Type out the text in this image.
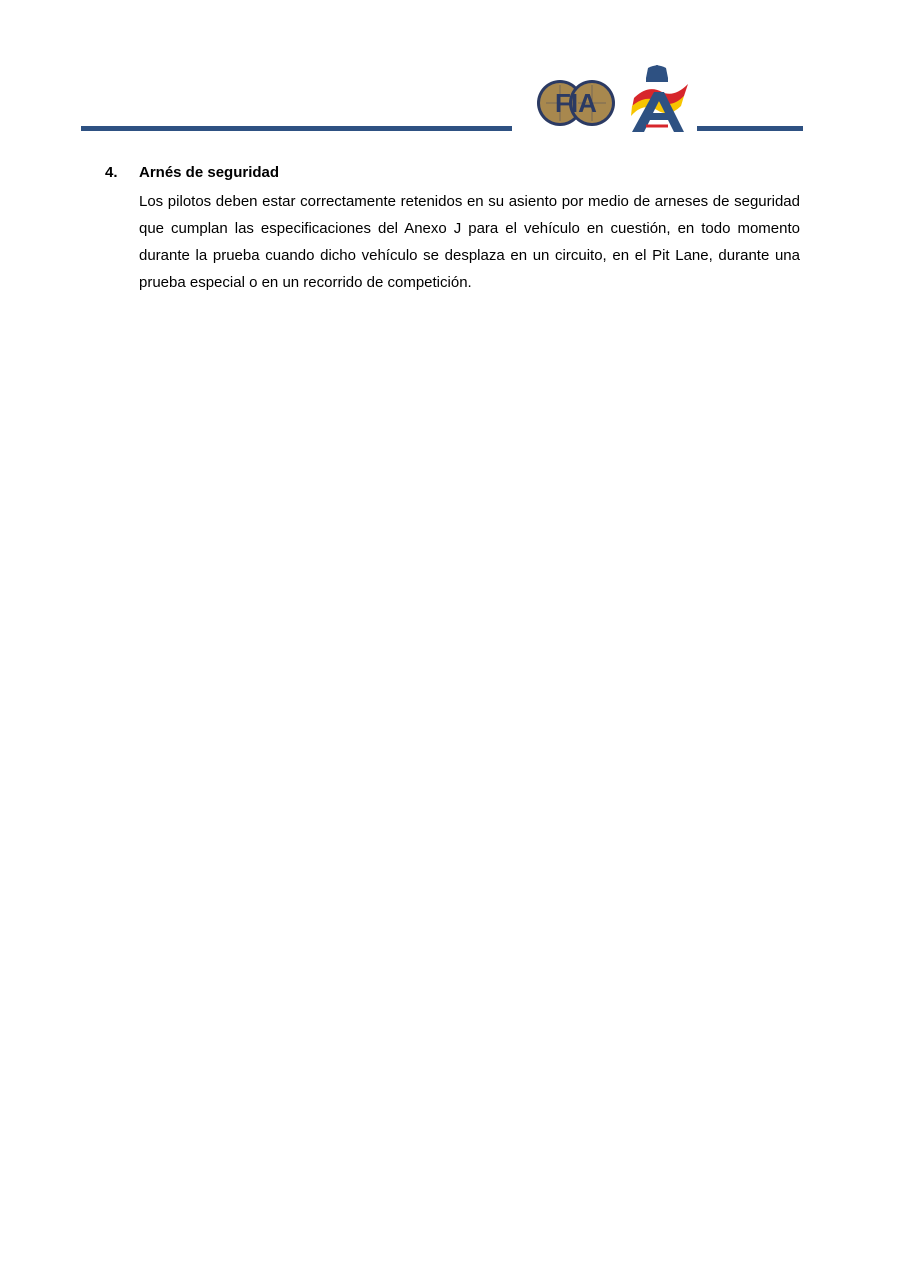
FIA
4.	Arnés de seguridad

Los pilotos deben estar correctamente retenidos en su asiento por medio de arneses de seguridad que cumplan las especificaciones del Anexo J para el vehículo en cuestión, en todo momento durante la prueba cuando dicho vehículo se desplaza en un circuito, en el Pit Lane, durante una prueba especial o en un recorrido de competición.
